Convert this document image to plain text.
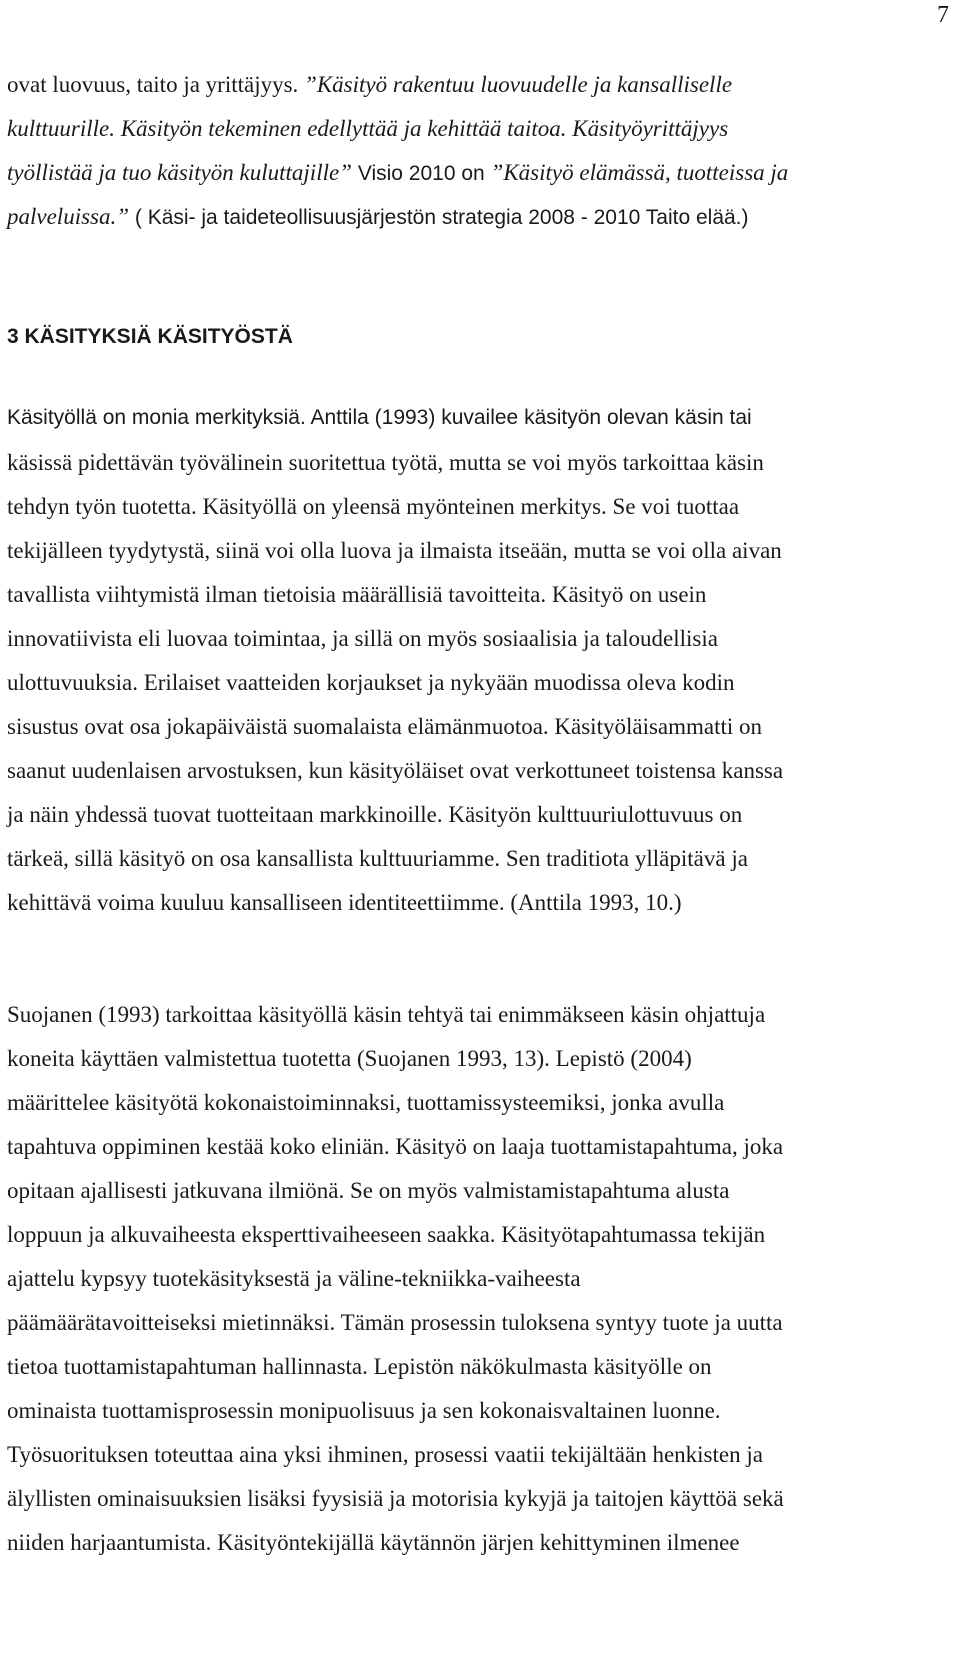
7
ovat luovuus, taito ja yrittäjyys. ”Käsityö rakentuu luovuudelle ja kansalliselle
kulttuurille. Käsityön tekeminen edellyttää ja kehittää taitoa. Käsityöyrittäjyys
työllistää ja tuo käsityön kuluttajille” Visio 2010 on ”Käsityö elämässä, tuotteissa ja
palveluissa.” ( Käsi- ja taideteollisuusjärjestön strategia 2008 - 2010 Taito elää.)
3 KÄSITYKSIÄ KÄSITYÖSTÄ
Käsityöllä on monia merkityksiä. Anttila (1993) kuvailee käsityön olevan käsin tai
käsissä pidettävän työvälinein suoritettua työtä, mutta se voi myös tarkoittaa käsin
tehdyn työn tuotetta. Käsityöllä on yleensä myönteinen merkitys. Se voi tuottaa
tekijälleen tyydytystä, siinä voi olla luova ja ilmaista itseään, mutta se voi olla aivan
tavallista viihtymistä ilman tietoisia määrällisiä tavoitteita. Käsityö on usein
innovatiivista eli luovaa toimintaa, ja sillä on myös sosiaalisia ja taloudellisia
ulottuvuuksia. Erilaiset vaatteiden korjaukset ja nykyään muodissa oleva kodin
sisustus ovat osa jokapäiväistä suomalaista elämänmuotoa. Käsityöläisammatti on
saanut uudenlaisen arvostuksen, kun käsityöläiset ovat verkottuneet toistensa kanssa
ja näin yhdessä tuovat tuotteitaan markkinoille. Käsityön kulttuuriulottuvuus on
tärkeä, sillä käsityö on osa kansallista kulttuuriamme. Sen traditiota ylläpitävä ja
kehittävä voima kuuluu kansalliseen identiteettiimme. (Anttila 1993, 10.)
Suojanen (1993) tarkoittaa käsityöllä käsin tehtyä tai enimmäkseen käsin ohjattuja
koneita käyttäen valmistettua tuotetta (Suojanen 1993, 13). Lepistö (2004)
määrittelee käsityötä kokonaistoiminnaksi, tuottamissysteemiksi, jonka avulla
tapahtuva oppiminen kestää koko eliniän. Käsityö on laaja tuottamistapahtuma, joka
opitaan ajallisesti jatkuvana ilmiönä. Se on myös valmistamistapahtuma alusta
loppuun ja alkuvaiheesta eksperttivaiheeseen saakka. Käsityötapahtumassa tekijän
ajattelu kypsyy tuotekäsityksestä ja väline-tekniikka-vaiheesta
päämäärätavoitteiseksi mietinnäksi. Tämän prosessin tuloksena syntyy tuote ja uutta
tietoa tuottamistapahtuman hallinnasta. Lepistön näkökulmasta käsityölle on
ominaista tuottamisprosessin monipuolisuus ja sen kokonaisvaltainen luonne.
Työsuorituksen toteuttaa aina yksi ihminen, prosessi vaatii tekijältään henkisten ja
älyllisten ominaisuuksien lisäksi fyysisiä ja motorisia kykyjä ja taitojen käyttöä sekä
niiden harjaantumista. Käsityöntekijällä käytännön järjen kehittyminen ilmenee
